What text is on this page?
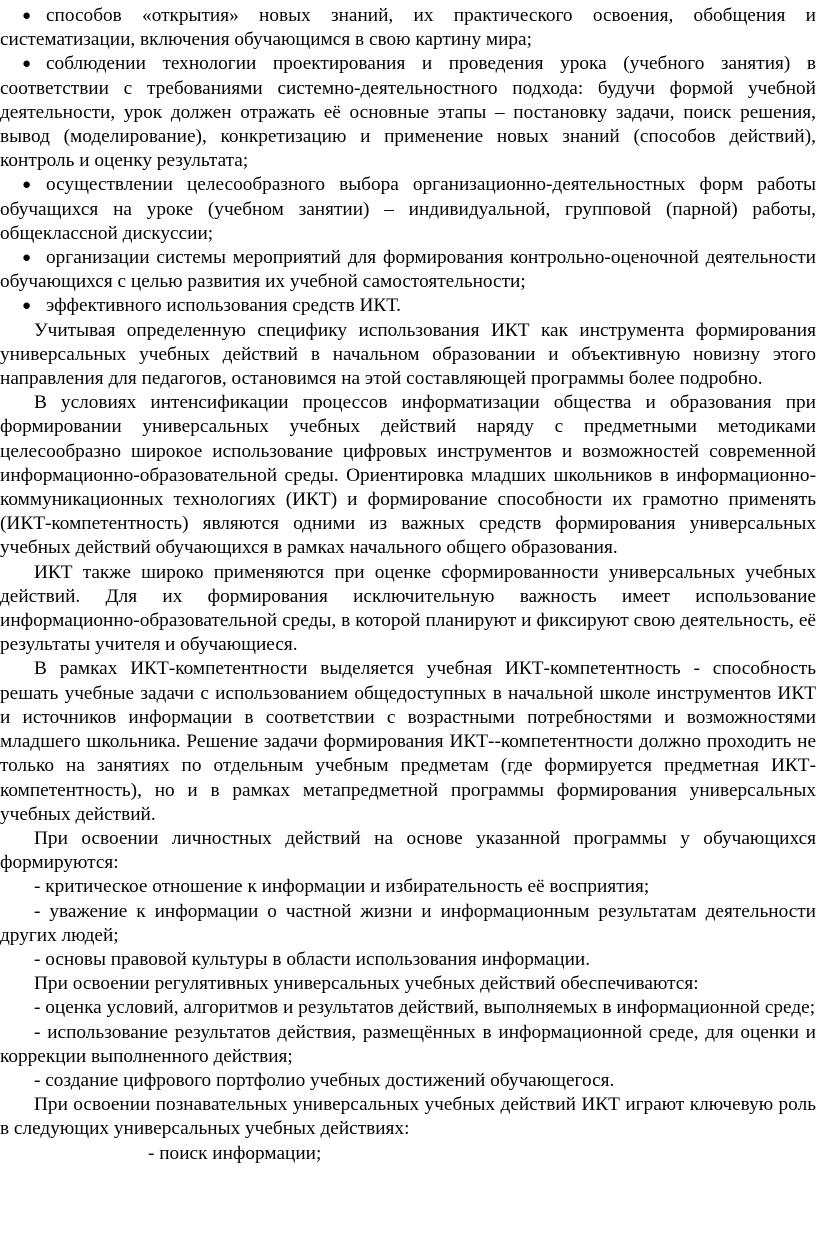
● способов «открытия» новых знаний, их практического освоения, обобщения и систематизации, включения обучающимся в свою картину мира;

● соблюдении технологии проектирования и проведения урока (учебного занятия) в соответствии с требованиями системно-деятельностного подхода: будучи формой учебной деятельности, урок должен отражать её основные этапы – постановку задачи, поиск решения, вывод (моделирование), конкретизацию и применение новых знаний (способов действий), контроль и оценку результата;

● осуществлении целесообразного выбора организационно-деятельностных форм работы обучащихся на уроке (учебном занятии) – индивидуальной, групповой (парной) работы, общеклассной дискуссии;

● организации системы мероприятий для формирования контрольно-оценочной деятельности обучающихся с целью развития их учебной самостоятельности;

● эффективного использования средств ИКТ.

Учитывая определенную специфику использования ИКТ как инструмента формирования универсальных учебных действий в начальном образовании и объективную новизну этого направления для педагогов, остановимся на этой составляющей программы более подробно.

В условиях интенсификации процессов информатизации общества и образования при формировании универсальных учебных действий наряду с предметными методиками целесообразно широкое использование цифровых инструментов и возможностей современной информационно-образовательной среды. Ориентировка младших школьников в информационно-коммуникационных технологиях (ИКТ) и формирование способности их грамотно применять (ИКТ-компетентность) являются одними из важных средств формирования универсальных учебных действий обучающихся в рамках начального общего образования.

ИКТ также широко применяются при оценке сформированности универсальных учебных действий. Для их формирования исключительную важность имеет использование информационно-образовательной среды, в которой планируют и фиксируют свою деятельность, её результаты учителя и обучающиеся.

В рамках ИКТ-компетентности выделяется учебная ИКТ-компетентность - способность решать учебные задачи с использованием общедоступных в начальной школе инструментов ИКТ и источников информации в соответствии с возрастными потребностями и возможностями младшего школьника. Решение задачи формирования ИКТ--компетентности должно проходить не только на занятиях по отдельным учебным предметам (где формируется предметная ИКТ-компетентность), но и в рамках метапредметной программы формирования универсальных учебных действий.

При освоении личностных действий на основе указанной программы у обучающихся формируются:

- критическое отношение к информации и избирательность её восприятия;

- уважение к информации о частной жизни и информационным результатам деятельности других людей;

- основы правовой культуры в области использования информации.

При освоении регулятивных универсальных учебных действий обеспечиваются:

- оценка условий, алгоритмов и результатов действий, выполняемых в информационной среде;

- использование результатов действия, размещённых в информационной среде, для оценки и коррекции выполненного действия;

- создание цифрового портфолио учебных достижений обучающегося.

При освоении познавательных универсальных учебных действий ИКТ играют ключевую роль в следующих универсальных учебных действиях:

- поиск информации;
